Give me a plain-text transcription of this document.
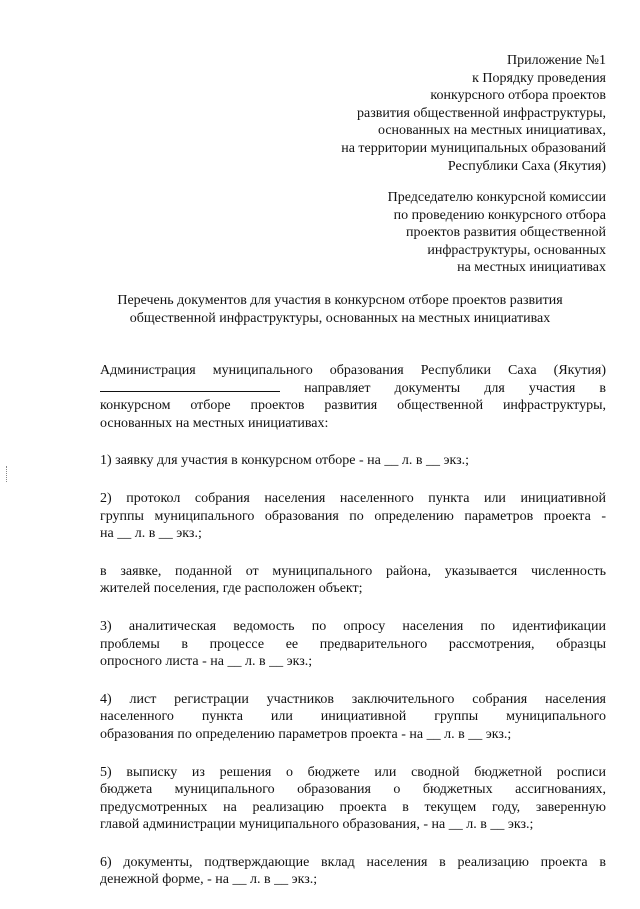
Приложение №1
к Порядку проведения
конкурсного отбора проектов
развития общественной инфраструктуры,
основанных на местных инициативах,
на территории муниципальных образований
Республики Саха (Якутия)
Председателю конкурсной комиссии
по проведению конкурсного отбора
проектов развития общественной
инфраструктуры, основанных
на местных инициативах
Перечень документов для участия в конкурсном отборе проектов развития
общественной инфраструктуры, основанных на местных инициативах
Администрация муниципального образования Республики Саха (Якутия)
направляет документы для участия в
конкурсном отборе проектов развития общественной инфраструктуры,
основанных на местных инициативах:
1) заявку для участия в конкурсном отборе - на __ л. в __ экз.;
2) протокол собрания населения населенного пункта или инициативной
группы муниципального образования по определению параметров проекта -
на __ л. в __ экз.;
в заявке, поданной от муниципального района, указывается численность
жителей поселения, где расположен объект;
3) аналитическая ведомость по опросу населения по идентификации
проблемы в процессе ее предварительного рассмотрения, образцы
опросного листа - на __ л. в __ экз.;
4) лист регистрации участников заключительного собрания населения
населенного пункта или инициативной группы муниципального
образования по определению параметров проекта - на __ л. в __ экз.;
5) выписку из решения о бюджете или сводной бюджетной росписи
бюджета муниципального образования о бюджетных ассигнованиях,
предусмотренных на реализацию проекта в текущем году, заверенную
главой администрации муниципального образования, - на __ л. в __ экз.;
6) документы, подтверждающие вклад населения в реализацию проекта в
денежной форме, - на __ л. в __ экз.;
